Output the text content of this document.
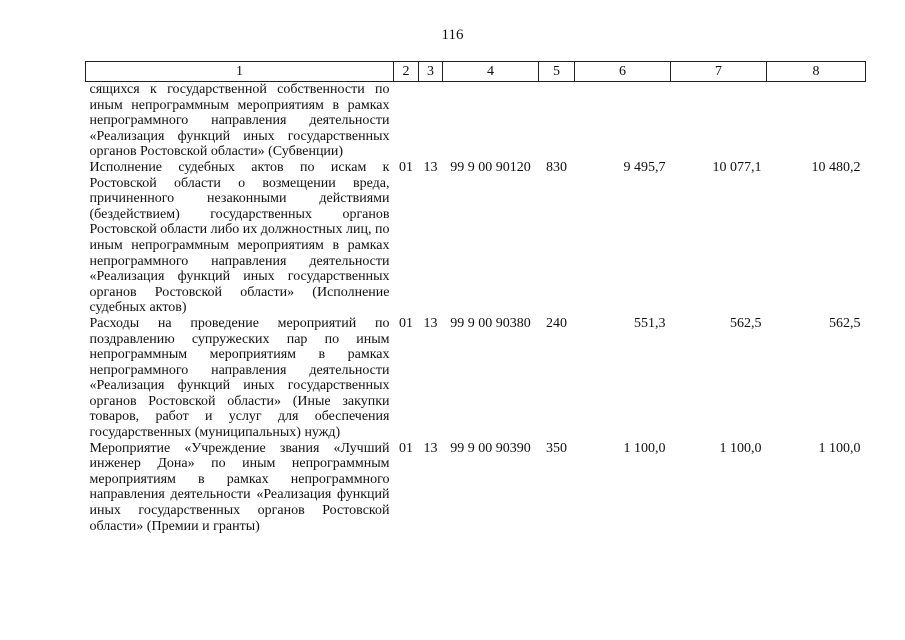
116
1	2	3	4	5	6	7	8
сящихся к государственной собственности по иным непрограммным мероприятиям в рамках непрограммного направления деятельности «Реализация функций иных государственных органов Ростовской области» (Субвенции)							
Исполнение судебных актов по искам к Ростовской области о возмещении вреда, причиненного незаконными действиями (бездействием) государственных органов Ростовской области либо их должностных лиц, по иным непрограммным мероприятиям в рамках непрограммного направления деятельности «Реализация функций иных государственных органов Ростовской области» (Исполнение судебных актов)	01	13	99 9 00 90120	830	9 495,7	10 077,1	10 480,2
Расходы на проведение мероприятий по поздравлению супружеских пар по иным непрограммным мероприятиям в рамках непрограммного направления деятельности «Реализация функций иных государственных органов Ростовской области» (Иные закупки товаров, работ и услуг для обеспечения государственных (муниципальных) нужд)	01	13	99 9 00 90380	240	551,3	562,5	562,5
Мероприятие «Учреждение звания «Лучший инженер Дона» по иным непрограммным мероприятиям в рамках непрограммного направления деятельности «Реализация функций иных государственных органов Ростовской области» (Премии и гранты)	01	13	99 9 00 90390	350	1 100,0	1 100,0	1 100,0
